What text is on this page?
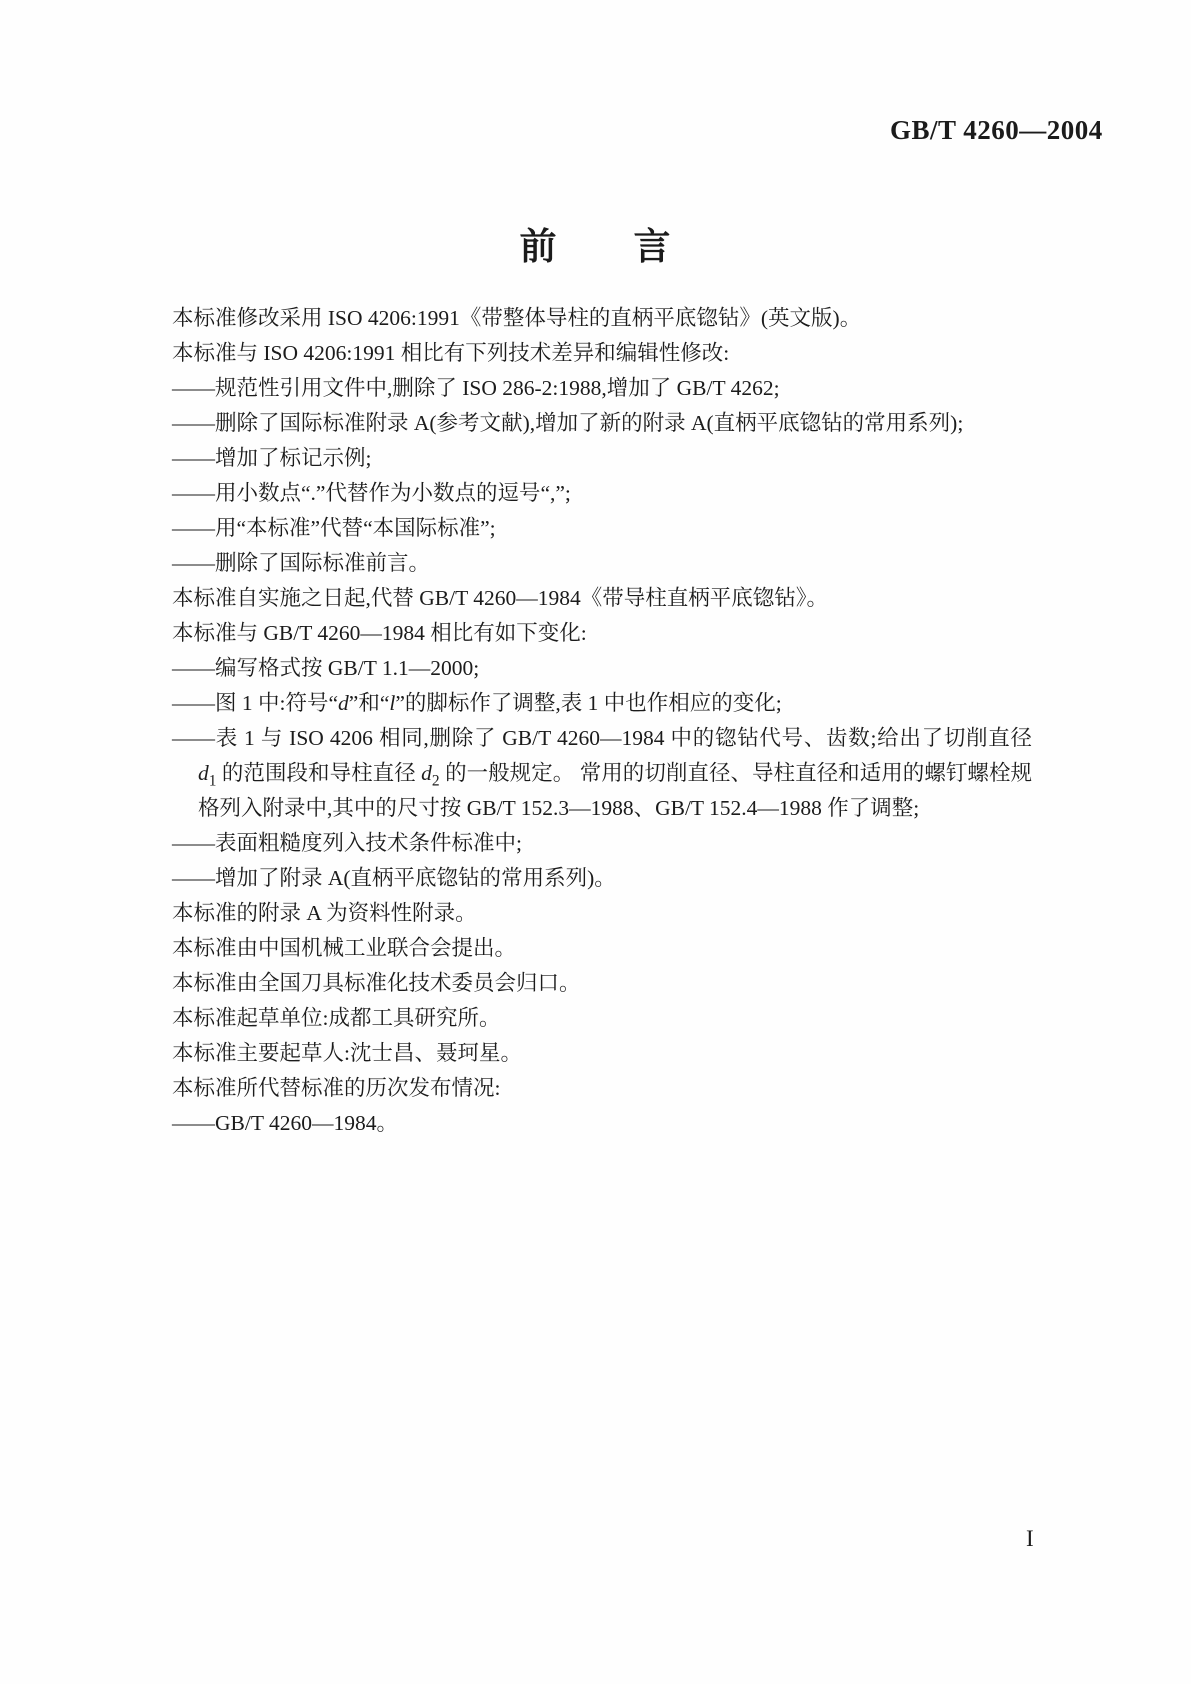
GB/T 4260—2004
前　　言

本标准修改采用 ISO 4206:1991《带整体导柱的直柄平底锪钻》(英文版)。

本标准与 ISO 4206:1991 相比有下列技术差异和编辑性修改:

——规范性引用文件中,删除了 ISO 286-2:1988,增加了 GB/T 4262;

——删除了国际标准附录 A(参考文献),增加了新的附录 A(直柄平底锪钻的常用系列);

——增加了标记示例;

——用小数点“.”代替作为小数点的逗号“,”;

——用“本标准”代替“本国际标准”;

——删除了国际标准前言。

本标准自实施之日起,代替 GB/T 4260—1984《带导柱直柄平底锪钻》。

本标准与 GB/T 4260—1984 相比有如下变化:

——编写格式按 GB/T 1.1—2000;

——图 1 中:符号“d”和“l”的脚标作了调整,表 1 中也作相应的变化;

——表 1 与 ISO 4206 相同,删除了 GB/T 4260—1984 中的锪钻代号、齿数;给出了切削直径 $d_1$ 的范围段和导柱直径 $d_2$ 的一般规定。 常用的切削直径、导柱直径和适用的螺钉螺栓规格列入附录中,其中的尺寸按 GB/T 152.3—1988、GB/T 152.4—1988 作了调整;

——表面粗糙度列入技术条件标准中;

——增加了附录 A(直柄平底锪钻的常用系列)。

本标准的附录 A 为资料性附录。

本标准由中国机械工业联合会提出。

本标准由全国刀具标准化技术委员会归口。

本标准起草单位:成都工具研究所。

本标准主要起草人:沈士昌、聂珂星。

本标准所代替标准的历次发布情况:

——GB/T 4260—1984。

I
